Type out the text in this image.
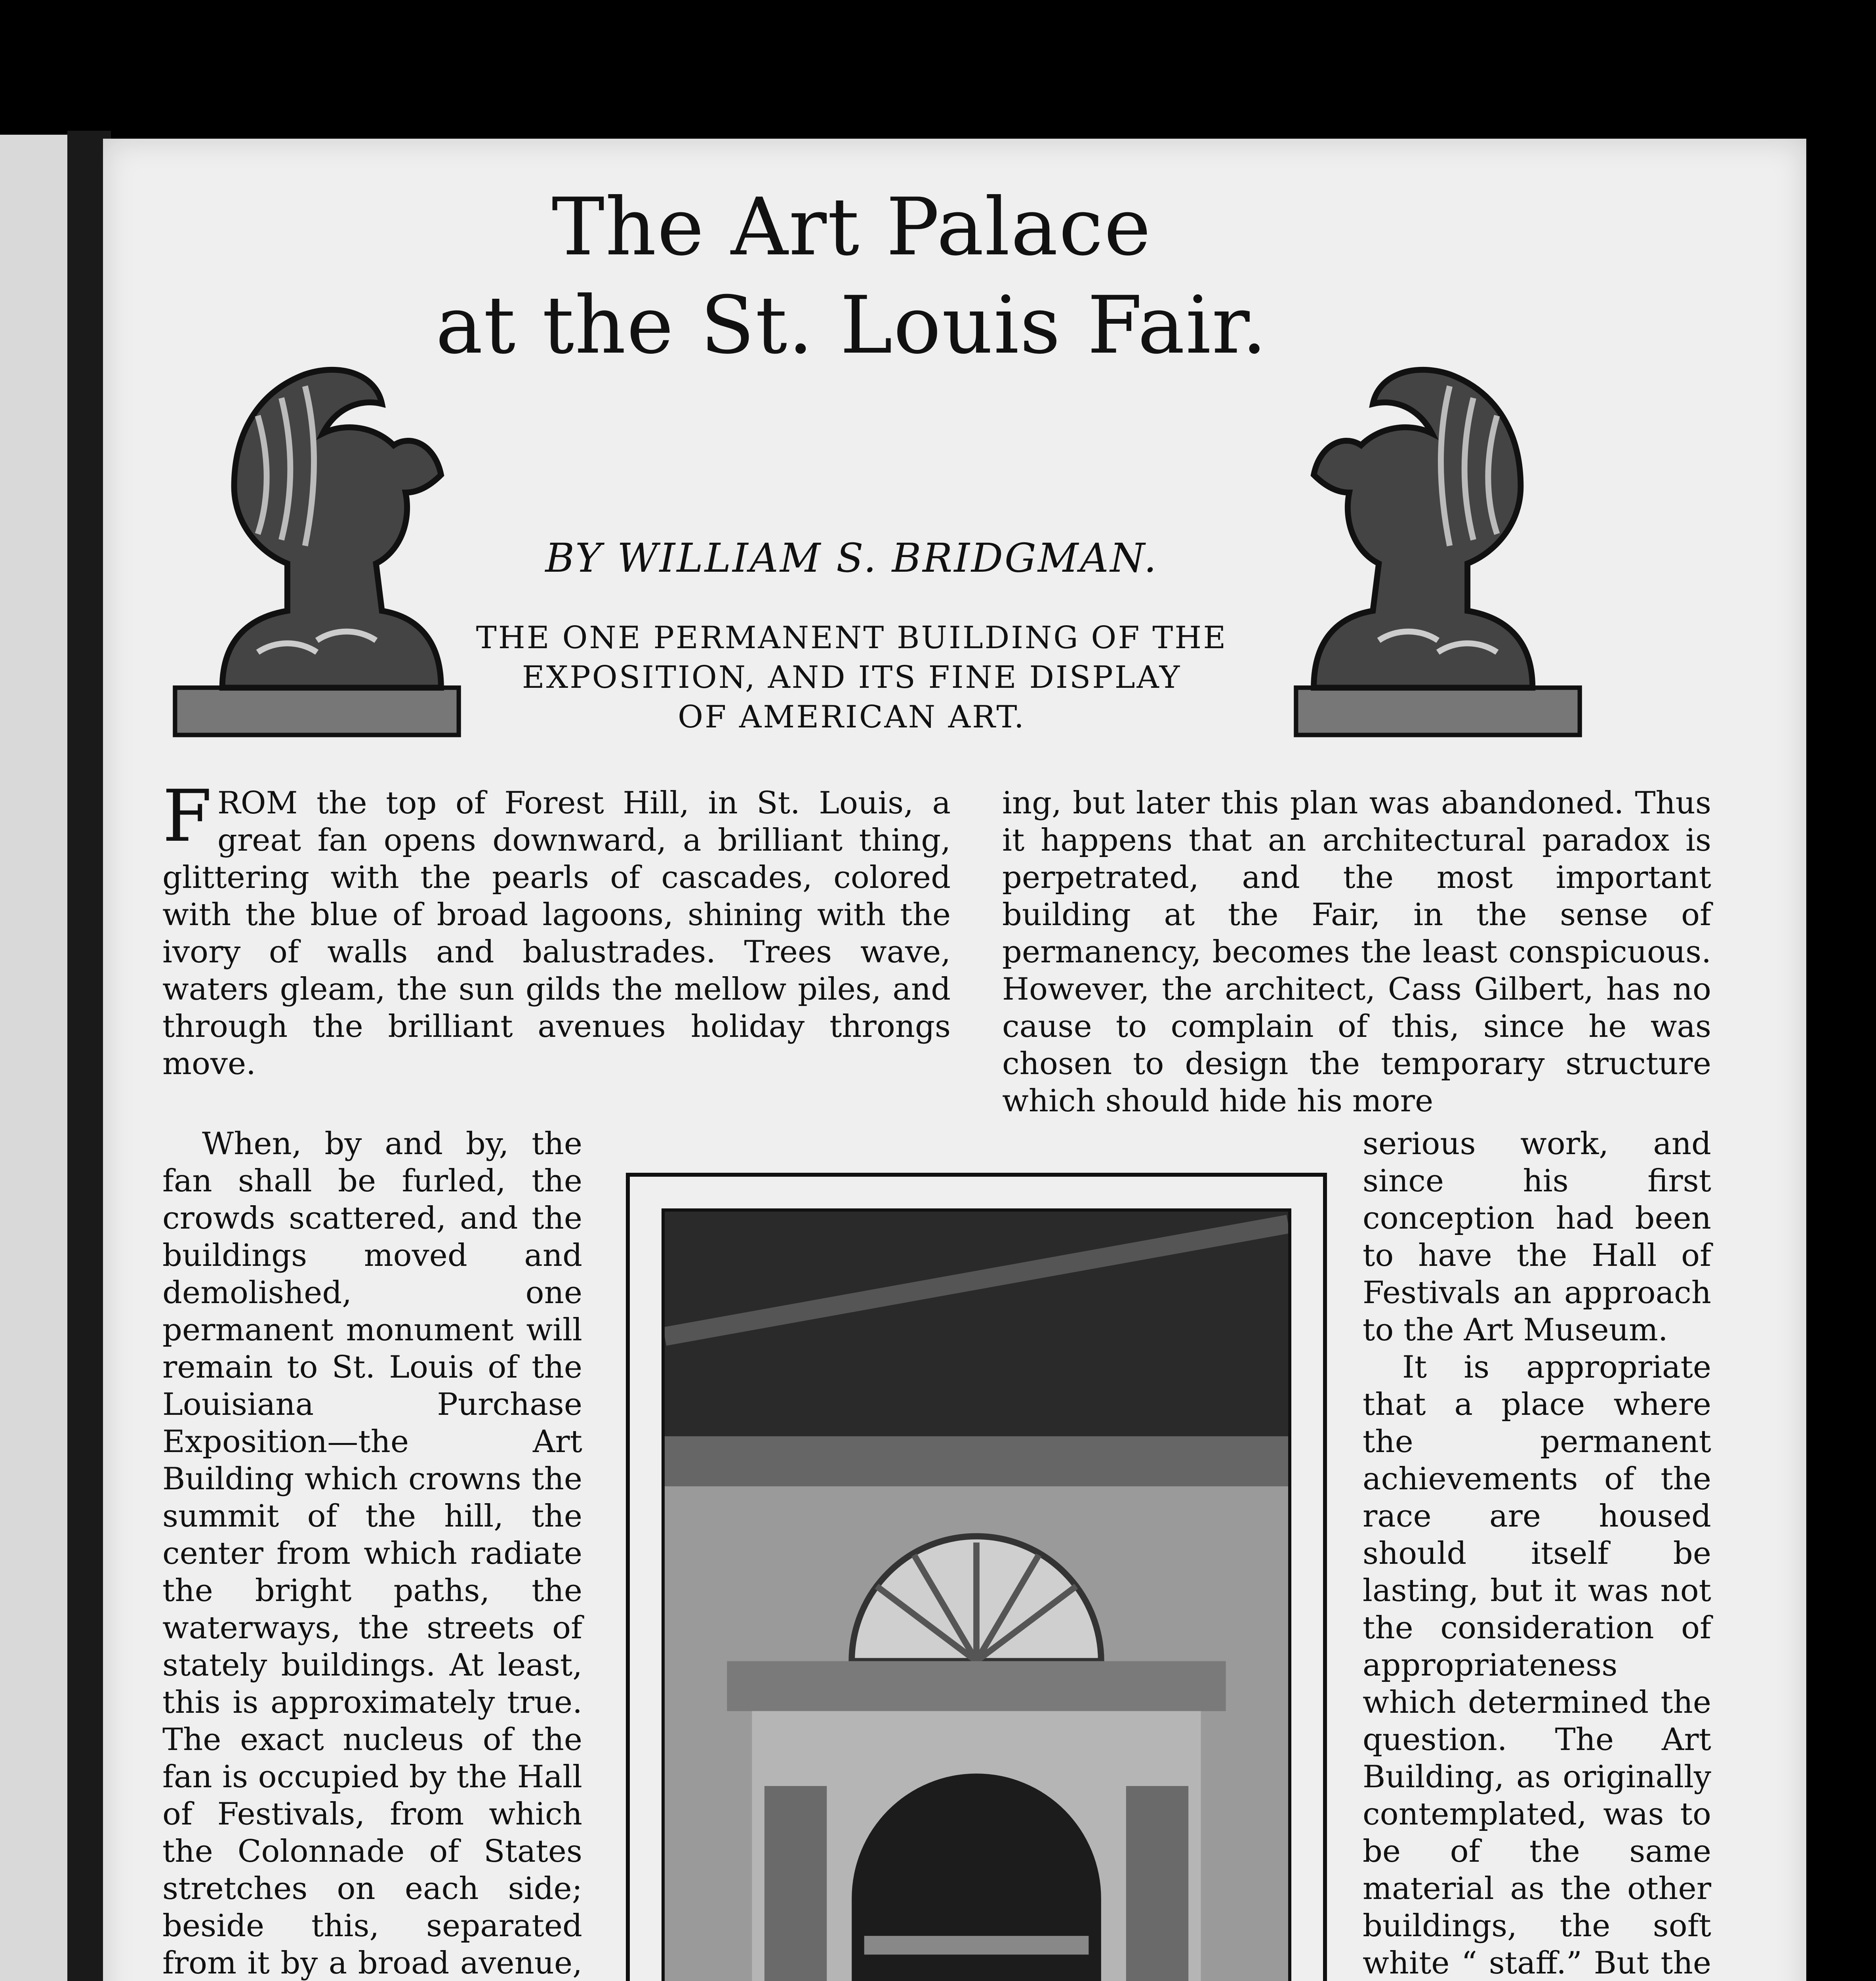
The Art Palace
at the St. Louis Fair.
BY WILLIAM S. BRIDGMAN.
THE ONE PERMANENT BUILDING OF THE
EXPOSITION, AND ITS FINE DISPLAY
OF AMERICAN ART.

FROM the top of Forest Hill, in St. Louis, a great fan opens downward, a brilliant thing, glittering with the pearls of cascades, colored with the blue of broad lagoons, shining with the ivory of walls and balustrades. Trees wave, waters gleam, the sun gilds the mellow piles, and through the brilliant avenues holiday throngs move.

ing, but later this plan was abandoned. Thus it happens that an architectural paradox is perpetrated, and the most important building at the Fair, in the sense of permanency, becomes the least conspicuous. However, the architect, Cass Gilbert, has no cause to complain of this, since he was chosen to design the temporary structure which should hide his more

When, by and by, the fan shall be furled, the crowds scattered, and the buildings moved and demolished, one permanent monument will remain to St. Louis of the Louisiana Purchase Exposition—the Art Building which crowns the summit of the hill, the center from which radiate the bright paths, the waterways, the streets of stately buildings. At least, this is approximately true. The exact nucleus of the fan is occupied by the Hall of Festivals, from which the Colonnade of States stretches on each side; beside this, separated from it by a broad avenue,

serious work, and since his first conception had been to have the Hall of Festivals an approach to the Art Museum.

It is appropriate that a place where the permanent achievements of the race are housed should itself be lasting, but it was not the consideration of appropriateness which determined the question. The Art Building, as originally contemplated, was to be of the same material as the other buildings, the soft white “ staff.” But the
